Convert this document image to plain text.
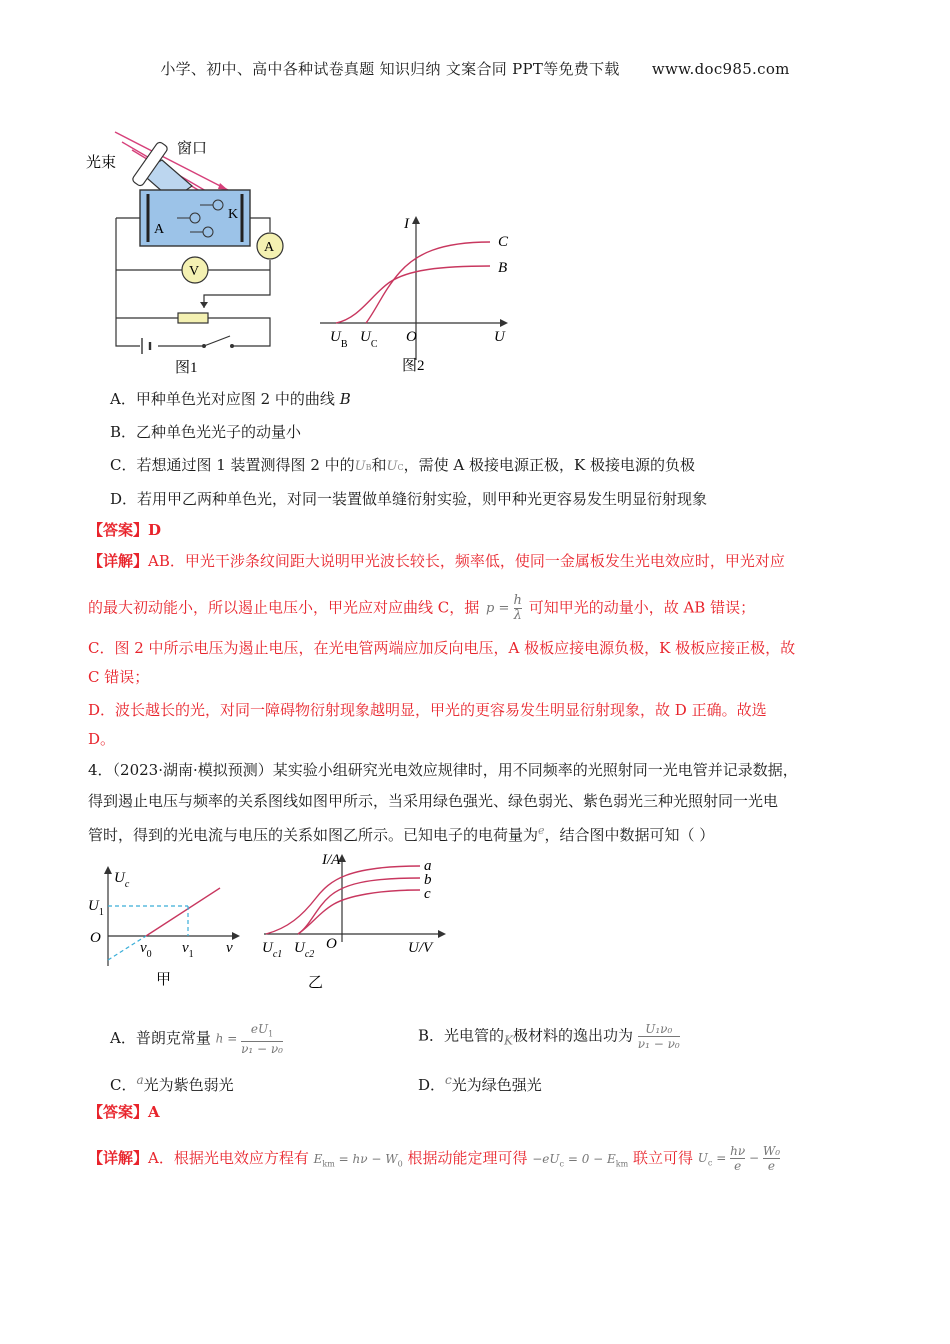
小学、初中、高中各种试卷真题 知识归纳 文案合同 PPT等免费下载 www.doc985.com
光束
窗口
A
K
A
V
图1
I
U
O
C
B
$U_B$ $U_C$
图2
A．甲种单色光对应图 2 中的曲线 B
B．乙种单色光光子的动量小
C．若想通过图 1 装置测得图 2 中的UB和UC，需使 A 极接电源正极，K 极接电源的负极
D．若用甲乙两种单色光，对同一装置做单缝衍射实验，则甲种光更容易发生明显衍射现象
【答案】D
【详解】AB．甲光干涉条纹间距大说明甲光波长较长，频率低，使同一金属板发生光电效应时，甲光对应
的最大初动能小，所以遏止电压小，甲光应对应曲线 C，据 $p = \frac{h}{\lambda}$ 可知甲光的动量小，故 AB 错误；
C．图 2 中所示电压为遏止电压，在光电管两端应加反向电压，A 极板应接电源负极，K 极板应接正极，故
C 错误；
D．波长越长的光，对同一障碍物衍射现象越明显，甲光的更容易发生明显衍射现象，故 D 正确。故选
D。
4．（2023·湖南·模拟预测）某实验小组研究光电效应规律时，用不同频率的光照射同一光电管并记录数据，
得到遏止电压与频率的关系图线如图甲所示，当采用绿色强光、绿色弱光、紫色弱光三种光照射同一光电
管时，得到的光电流与电压的关系如图乙所示。已知电子的电荷量为$^e$，结合图中数据可知（ ）
$U_c$
$U_1$
O
$\nu_0$ $\nu_1$ ν
甲
I/A	a
b
c
$U_{c1}$ $U_{c2}$
O	U/V
乙
A．普朗克常量 $h = \frac{eU_1}{\text{ν₁ − ν₀}}$	B．光电管的$_K$极材料的逸出功为 $\frac{\text{U₁ν₀}}{\text{ν₁ − ν₀}}$
C．$^a$光为紫色弱光	D．$^c$光为绿色强光
【答案】A
【详解】A．根据光电效应方程有 $E_{km} = h\nu - W_0$ 根据动能定理可得 $-eU_c = 0 - E_{km}$ 联立可得 $U_c = \frac{h\nu}{e} - \frac{\text{W₀}}{e}$
